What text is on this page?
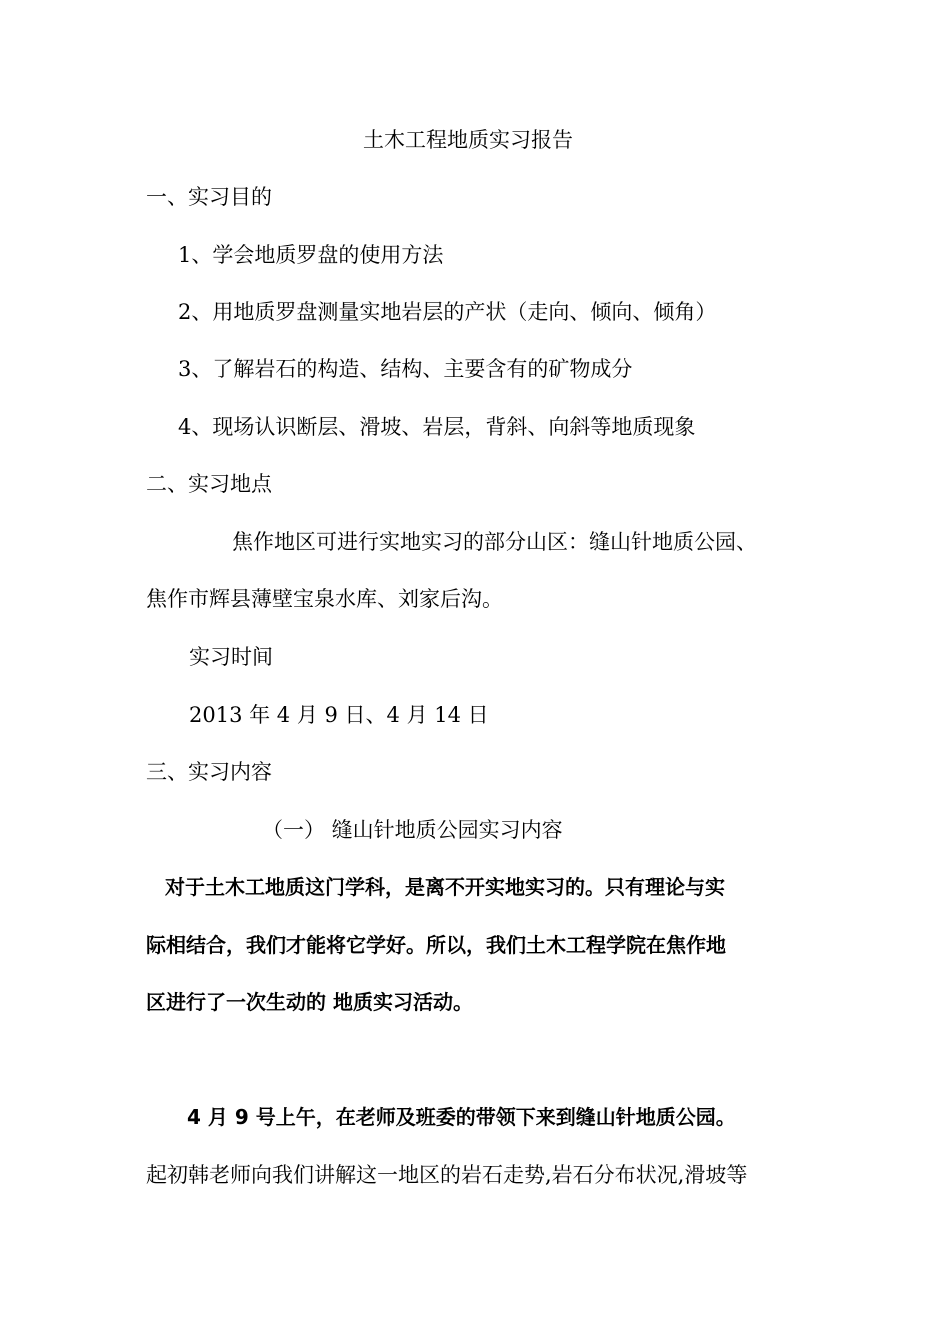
土木工程地质实习报告
一、实习目的
1、学会地质罗盘的使用方法
2、用地质罗盘测量实地岩层的产状（走向、倾向、倾角）
3、了解岩石的构造、结构、主要含有的矿物成分
4、现场认识断层、滑坡、岩层，背斜、向斜等地质现象
二、实习地点
焦作地区可进行实地实习的部分山区：缝山针地质公园、
焦作市辉县薄壁宝泉水库、刘家后沟。
实习时间
2013 年 4 月 9 日、4 月 14 日
三、实习内容
（一） 缝山针地质公园实习内容
对于土木工地质这门学科，是离不开实地实习的。只有理论与实
际相结合，我们才能将它学好。所以，我们土木工程学院在焦作地
区进行了一次生动的 地质实习活动。
4 月 9 号上午，在老师及班委的带领下来到缝山针地质公园。
起初韩老师向我们讲解这一地区的岩石走势,岩石分布状况,滑坡等
